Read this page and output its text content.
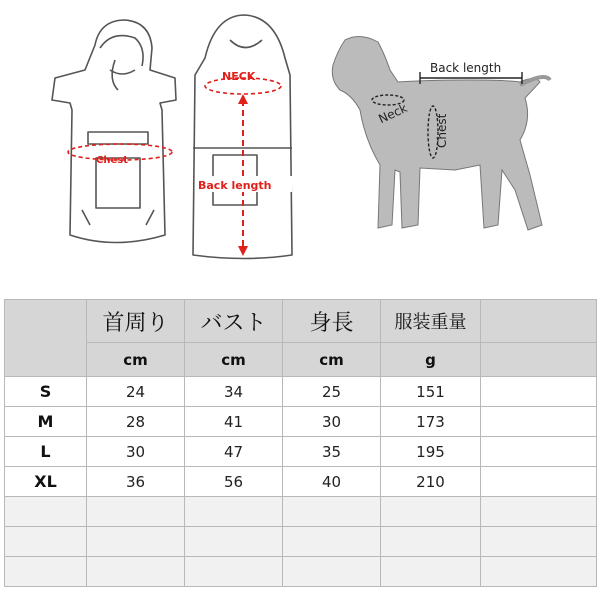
Chest
NECK
Back length
Neck
Chest
Back length
	首周り	バスト	身長	服装重量	
	cm	cm	cm	g	
S	24	34	25	151	
M	28	41	30	173	
L	30	47	35	195	
XL	36	56	40	210	
